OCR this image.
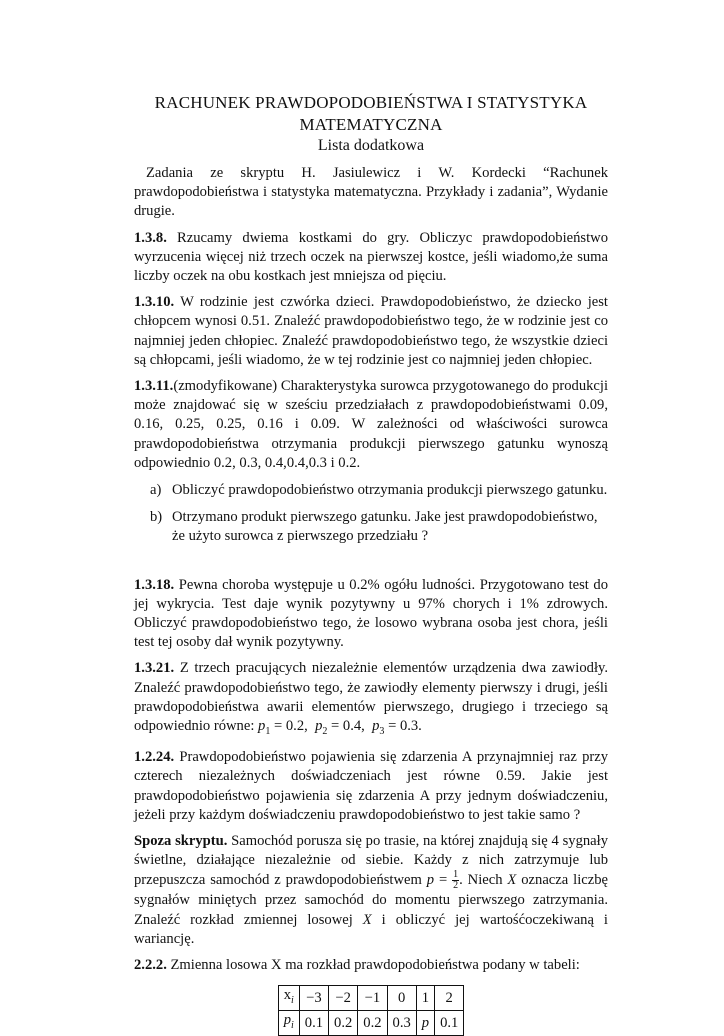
RACHUNEK PRAWDOPODOBIEŃSTWA I STATYSTYKA
MATEMATYCZNA
Lista dodatkowa

Zadania ze skryptu H. Jasiulewicz i W. Kordecki “Rachunek prawdopodobieństwa i statystyka matematyczna. Przykłady i zadania”, Wydanie drugie.

1.3.8. Rzucamy dwiema kostkami do gry. Obliczyc prawdopodobieństwo wyrzucenia więcej niż trzech oczek na pierwszej kostce, jeśli wiadomo,że suma liczby oczek na obu kostkach jest mniejsza od pięciu.

1.3.10. W rodzinie jest czwórka dzieci. Prawdopodobieństwo, że dziecko jest chłopcem wynosi 0.51. Znaleźć prawdopodobieństwo tego, że w rodzinie jest co najmniej jeden chłopiec. Znaleźć prawdopodobieństwo tego, że wszystkie dzieci są chłopcami, jeśli wiadomo, że w tej rodzinie jest co najmniej jeden chłopiec.

1.3.11.(zmodyfikowane) Charakterystyka surowca przygotowanego do produkcji może znajdować się w sześciu przedziałach z prawdopodobieństwami 0.09, 0.16, 0.25, 0.25, 0.16 i 0.09. W zależności od właściwości surowca prawdopodobieństwa otrzymania produkcji pierwszego gatunku wynoszą odpowiednio 0.2, 0.3, 0.4,0.4,0.3 i 0.2.

a) Obliczyć prawdopodobieństwo otrzymania produkcji pierwszego gatunku.
b) Otrzymano produkt pierwszego gatunku. Jake jest prawdopodobieństwo, że użyto surowca z pierwszego przedziału ?

1.3.18. Pewna choroba występuje u 0.2% ogółu ludności. Przygotowano test do jej wykrycia. Test daje wynik pozytywny u 97% chorych i 1% zdrowych. Obliczyć prawdopodobieństwo tego, że losowo wybrana osoba jest chora, jeśli test tej osoby dał wynik pozytywny.

1.3.21. Z trzech pracujących niezależnie elementów urządzenia dwa zawiodły. Znaleźć prawdopodobieństwo tego, że zawiodły elementy pierwszy i drugi, jeśli prawdopodobieństwa awarii elementów pierwszego, drugiego i trzeciego są odpowiednio równe: $p_1 = 0.2$, $p_2 = 0.4$, $p_3 = 0.3$.

1.2.24. Prawdopodobieństwo pojawienia się zdarzenia A przynajmniej raz przy czterech niezależnych doświadczeniach jest równe 0.59. Jakie jest prawdopodobieństwo pojawienia się zdarzenia A przy jednym doświadczeniu, jeżeli przy każdym doświadczeniu prawdopodobieństwo to jest takie samo ?

Spoza skryptu. Samochód porusza się po trasie, na której znajdują się 4 sygnały świetlne, działające niezależnie od siebie. Każdy z nich zatrzymuje lub przepuszcza samochód z prawdopodobieństwem $p = \frac{1}{2}$ . Niech X oznacza liczbę sygnałów miniętych przez samochód do momentu pierwszego zatrzymania. Znaleźć rozkład zmiennej losowej X i obliczyć jej wartośćoczekiwaną i wariancję.

2.2.2. Zmienna losowa X ma rozkład prawdopodobieństwa podany w tabeli:

$x_i$	−3	−2	−1	0	1	2
$p_i$	0.1	0.2	0.2	0.3	p	0.1
